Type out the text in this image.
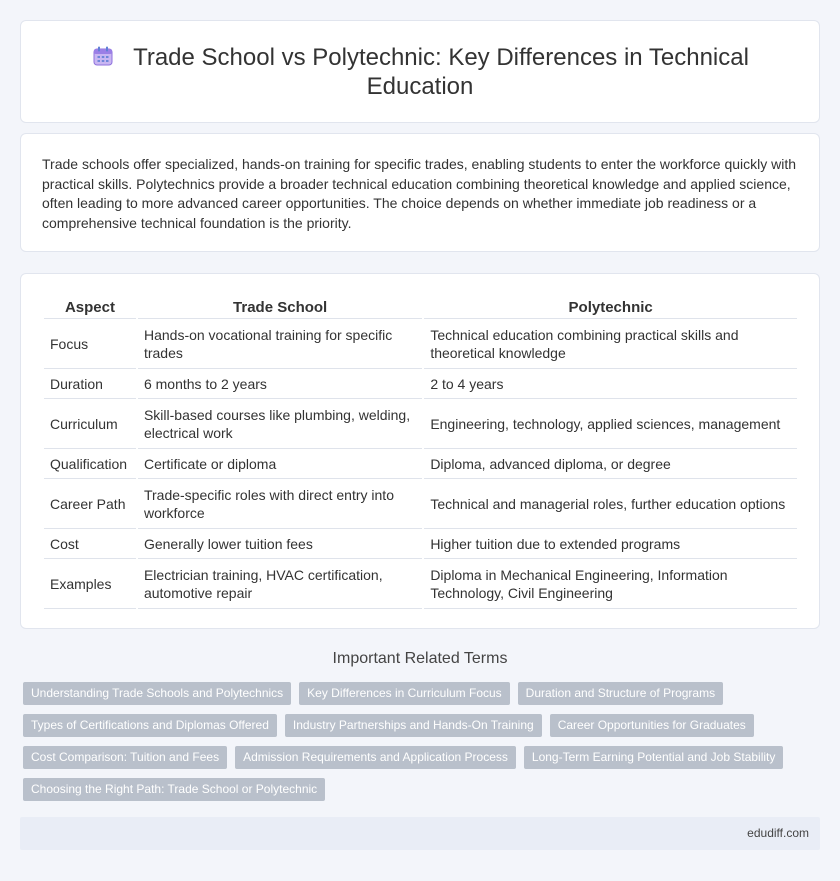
Trade School vs Polytechnic: Key Differences in Technical Education

Trade schools offer specialized, hands-on training for specific trades, enabling students to enter the workforce quickly with practical skills. Polytechnics provide a broader technical education combining theoretical knowledge and applied science, often leading to more advanced career opportunities. The choice depends on whether immediate job readiness or a comprehensive technical foundation is the priority.

Aspect	Trade School	Polytechnic
Focus	Hands-on vocational training for specific trades	Technical education combining practical skills and theoretical knowledge
Duration	6 months to 2 years	2 to 4 years
Curriculum	Skill-based courses like plumbing, welding, electrical work	Engineering, technology, applied sciences, management
Qualification	Certificate or diploma	Diploma, advanced diploma, or degree
Career Path	Trade-specific roles with direct entry into workforce	Technical and managerial roles, further education options
Cost	Generally lower tuition fees	Higher tuition due to extended programs
Examples	Electrician training, HVAC certification, automotive repair	Diploma in Mechanical Engineering, Information Technology, Civil Engineering
Important Related Terms
Understanding Trade Schools and Polytechnics	Key Differences in Curriculum Focus	Duration and Structure of Programs
Types of Certifications and Diplomas Offered	Industry Partnerships and Hands-On Training	Career Opportunities for Graduates
Cost Comparison: Tuition and Fees	Admission Requirements and Application Process	Long-Term Earning Potential and Job Stability
Choosing the Right Path: Trade School or Polytechnic
edudiff.com
